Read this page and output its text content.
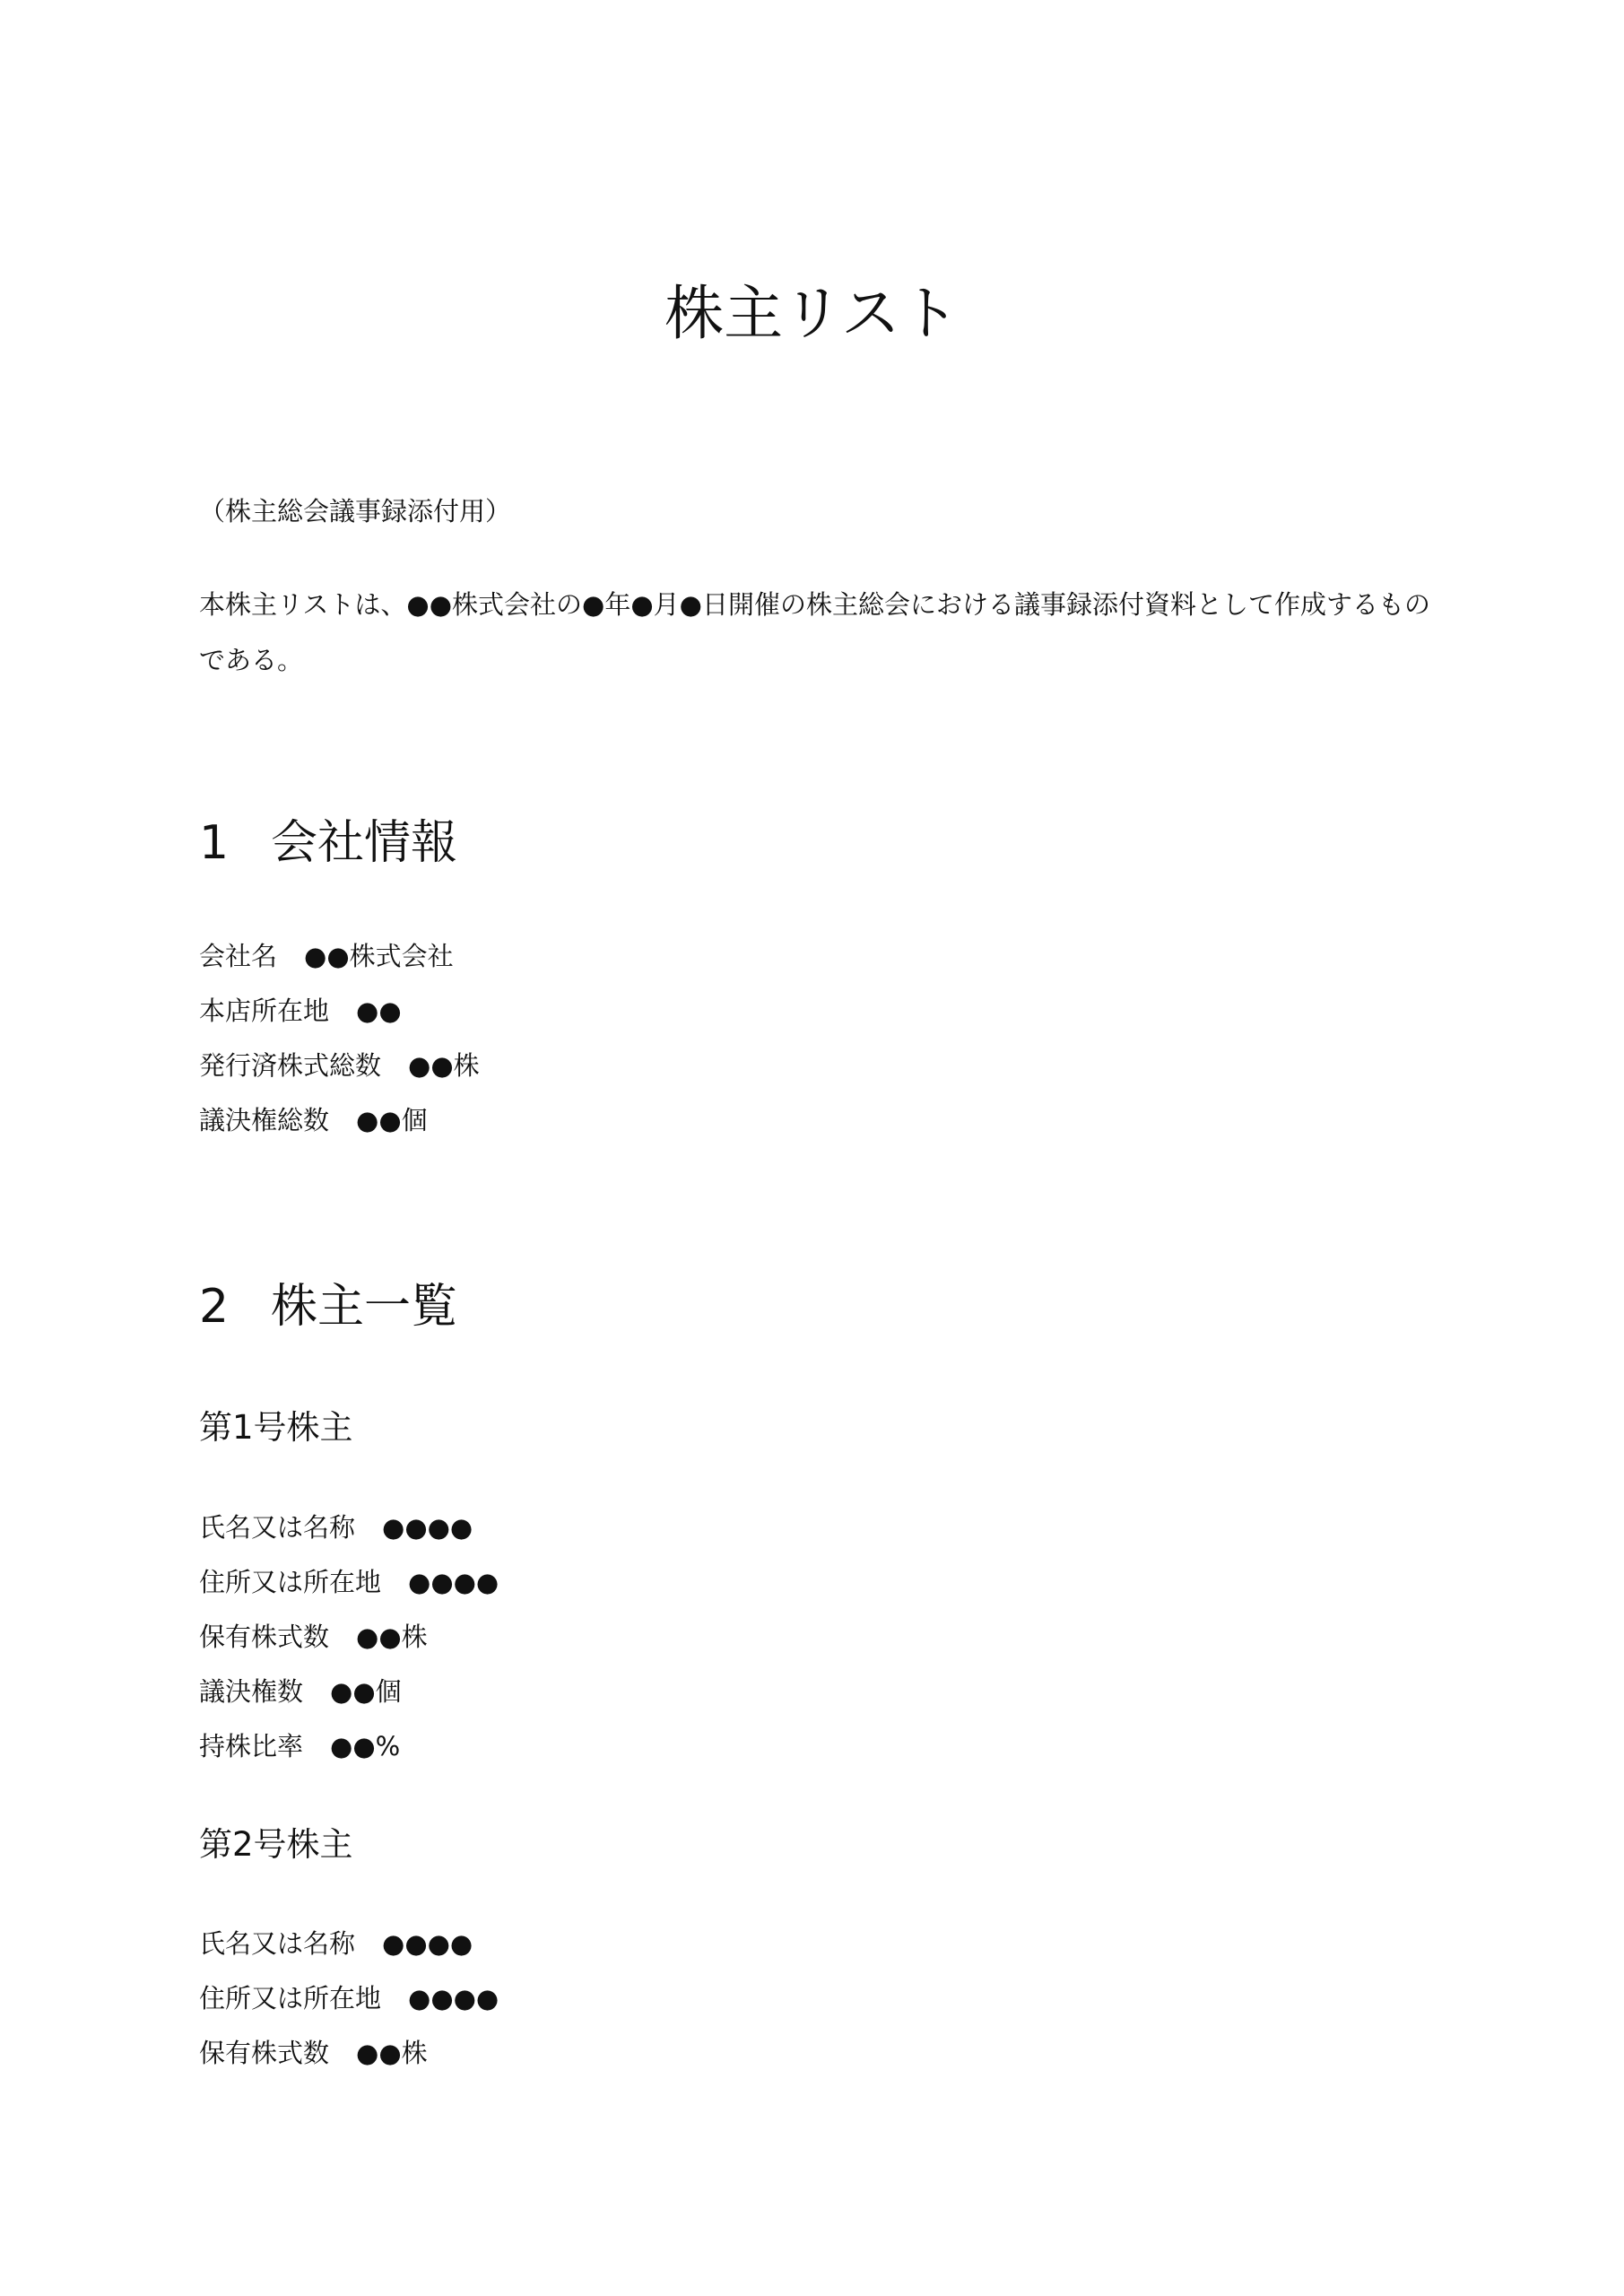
株主リスト
（株主総会議事録添付用）
本株主リストは、●●株式会社の●年●月●日開催の株主総会における議事録添付資料として作成するものである。
1 会社情報
会社名 ●●株式会社
本店所在地 ●●
発行済株式総数 ●●株
議決権総数 ●●個
2 株主一覧
第1号株主
氏名又は名称 ●●●●
住所又は所在地 ●●●●
保有株式数 ●●株
議決権数 ●●個
持株比率 ●●%
第2号株主
氏名又は名称 ●●●●
住所又は所在地 ●●●●
保有株式数 ●●株
